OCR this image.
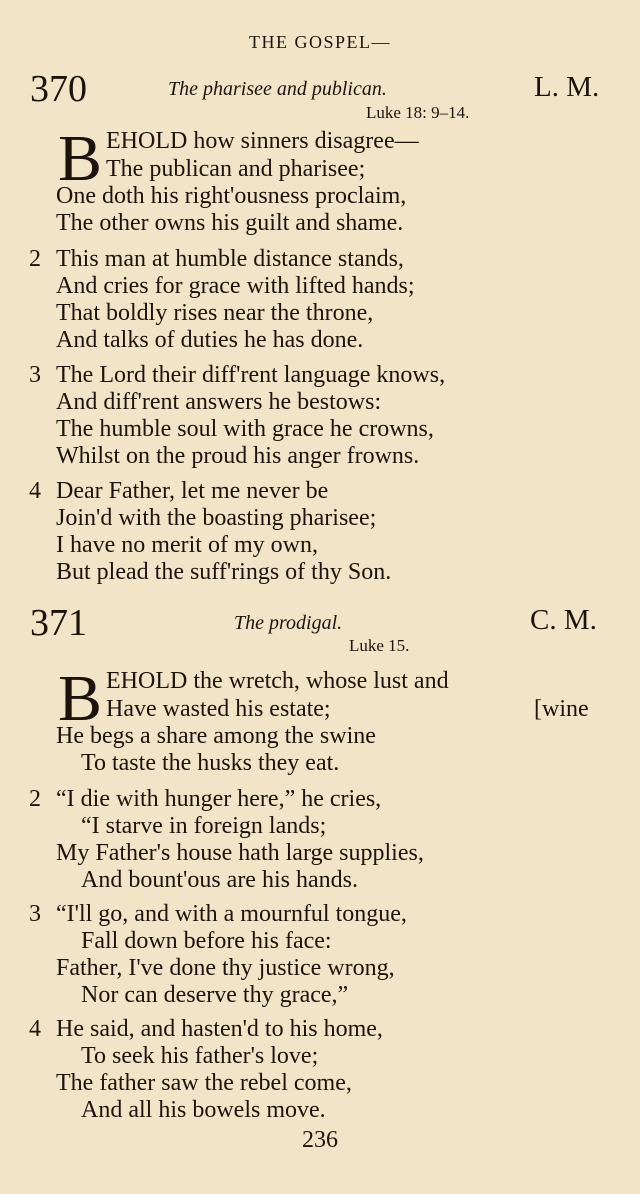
THE GOSPEL—
370	The pharisee and publican.
Luke 18: 9–14.
L. M.
B EHOLD how sinners disagree—
The publican and pharisee;
One doth his right'ousness proclaim,
The other owns his guilt and shame.
2 This man at humble distance stands,
And cries for grace with lifted hands;
That boldly rises near the throne,
And talks of duties he has done.
3 The Lord their diff'rent language knows,
And diff'rent answers he bestows:
The humble soul with grace he crowns,
Whilst on the proud his anger frowns.
4 Dear Father, let me never be
Join'd with the boasting pharisee;
I have no merit of my own,
But plead the suff'rings of thy Son.
371	The prodigal.
Luke 15.
C. M.
B EHOLD the wretch, whose lust and
Have wasted his estate;	[wine
He begs a share among the swine
To taste the husks they eat.
2 “I die with hunger here,” he cries,
“I starve in foreign lands;
My Father's house hath large supplies,
And bount'ous are his hands.
3 “I'll go, and with a mournful tongue,
Fall down before his face:
Father, I've done thy justice wrong,
Nor can deserve thy grace,”
4 He said, and hasten'd to his home,
To seek his father's love;
The father saw the rebel come,
And all his bowels move.
236
